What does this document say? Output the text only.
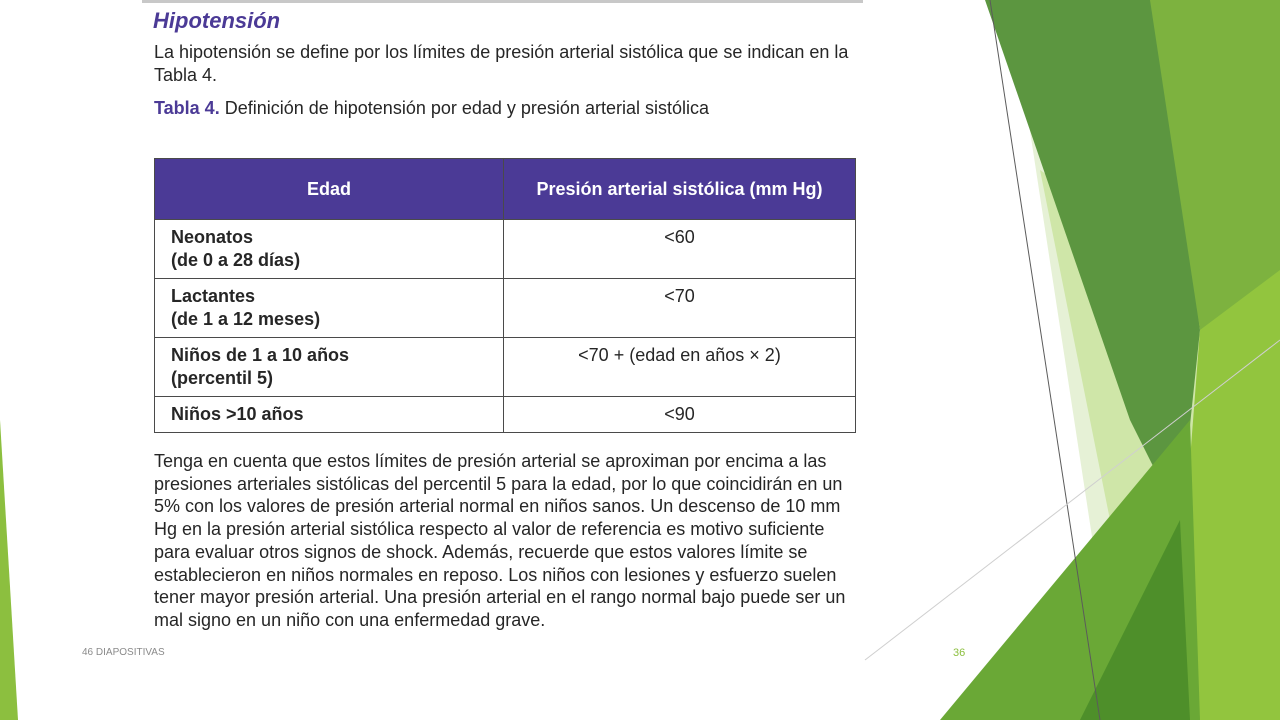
Hipotensión

La hipotensión se define por los límites de presión arterial sistólica que se indican en la Tabla 4.

Tabla 4. Definición de hipotensión por edad y presión arterial sistólica

Edad	Presión arterial sistólica (mm Hg)

Neonatos
(de 0 a 28 días)	<60

Lactantes
(de 1 a 12 meses)	<70

Niños de 1 a 10 años
(percentil 5)	<70 + (edad en años × 2)

Niños >10 años	<90

Tenga en cuenta que estos límites de presión arterial se aproximan por encima a las presiones arteriales sistólicas del percentil 5 para la edad, por lo que coincidirán en un 5% con los valores de presión arterial normal en niños sanos. Un descenso de 10 mm Hg en la presión arterial sistólica respecto al valor de referencia es motivo suficiente para evaluar otros signos de shock. Además, recuerde que estos valores límite se establecieron en niños normales en reposo. Los niños con lesiones y esfuerzo suelen tener mayor presión arterial. Una presión arterial en el rango normal bajo puede ser un mal signo en un niño con una enfermedad grave.

46 DIAPOSITIVAS	36
